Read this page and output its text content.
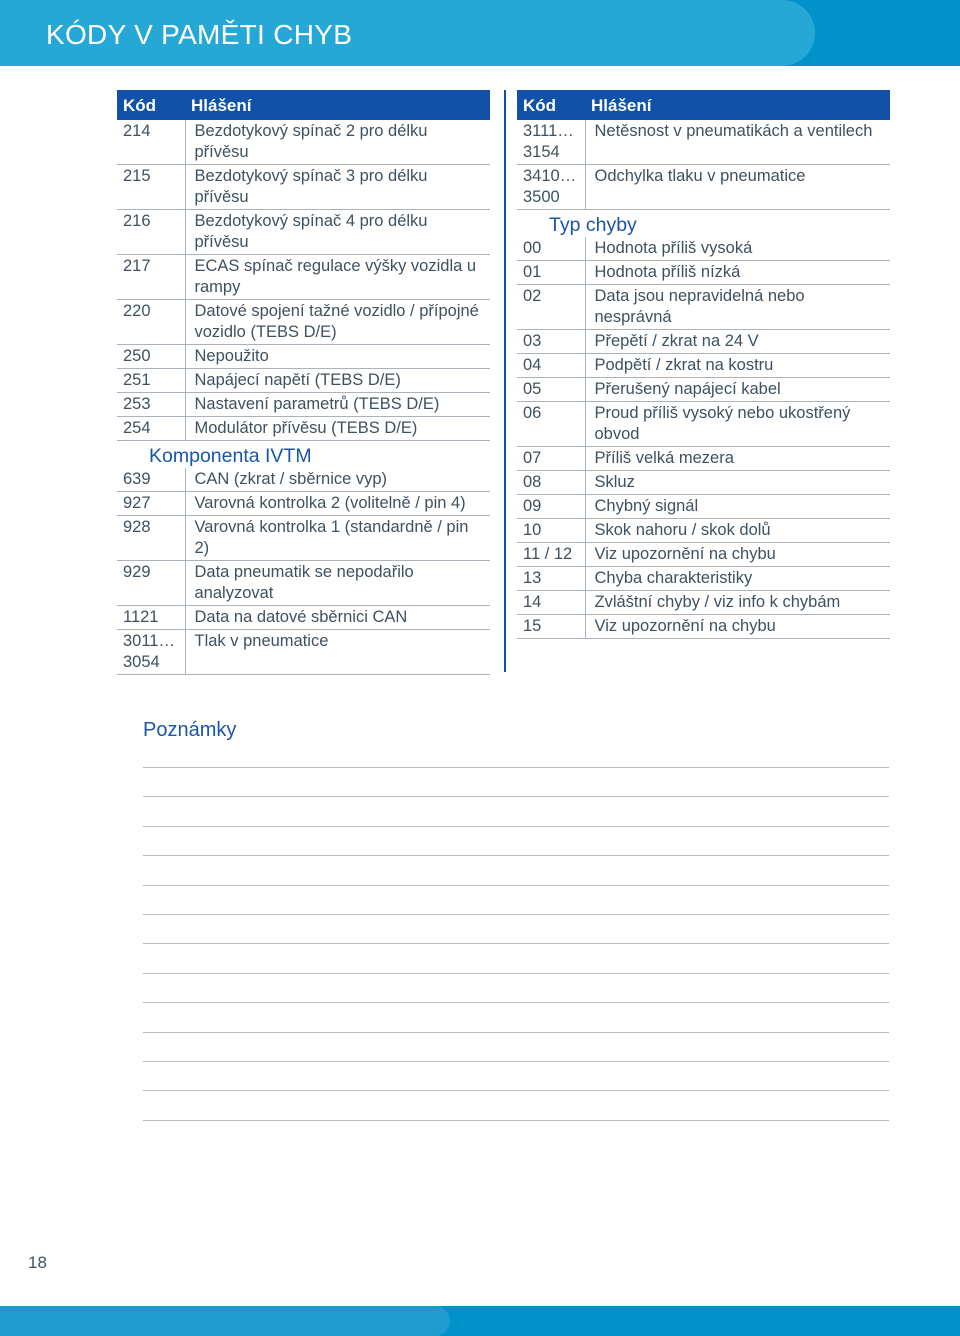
KÓDY V PAMĚTI CHYB
Kód	Hlášení
214	Bezdotykový spínač 2 pro délku přívěsu
215	Bezdotykový spínač 3 pro délku přívěsu
216	Bezdotykový spínač 4 pro délku přívěsu
217	ECAS spínač regulace výšky vozidla u rampy
220	Datové spojení tažné vozidlo / přípojné vozidlo (TEBS D/E)
250	Nepoužito
251	Napájecí napětí (TEBS D/E)
253	Nastavení parametrů (TEBS D/E)
254	Modulátor přívěsu (TEBS D/E)
Komponenta IVTM	
639	CAN (zkrat / sběrnice vyp)
927	Varovná kontrolka 2 (volitelně / pin 4)
928	Varovná kontrolka 1 (standardně / pin 2)
929	Data pneumatik se nepodařilo analyzovat
1121	Data na datové sběrnici CAN
3011… 3054	Tlak v pneumatice
Kód	Hlášení
3111… 3154	Netěsnost v pneumatikách a ventilech
3410… 3500	Odchylka tlaku v pneumatice
Typ chyby	
00	Hodnota příliš vysoká
01	Hodnota příliš nízká
02	Data jsou nepravidelná nebo nesprávná
03	Přepětí / zkrat na 24 V
04	Podpětí / zkrat na kostru
05	Přerušený napájecí kabel
06	Proud příliš vysoký nebo ukostřený obvod
07	Příliš velká mezera
08	Skluz
09	Chybný signál
10	Skok nahoru / skok dolů
11 / 12	Viz upozornění na chybu
13	Chyba charakteristiky
14	Zvláštní chyby / viz info k chybám
15	Viz upozornění na chybu
Poznámky
18
